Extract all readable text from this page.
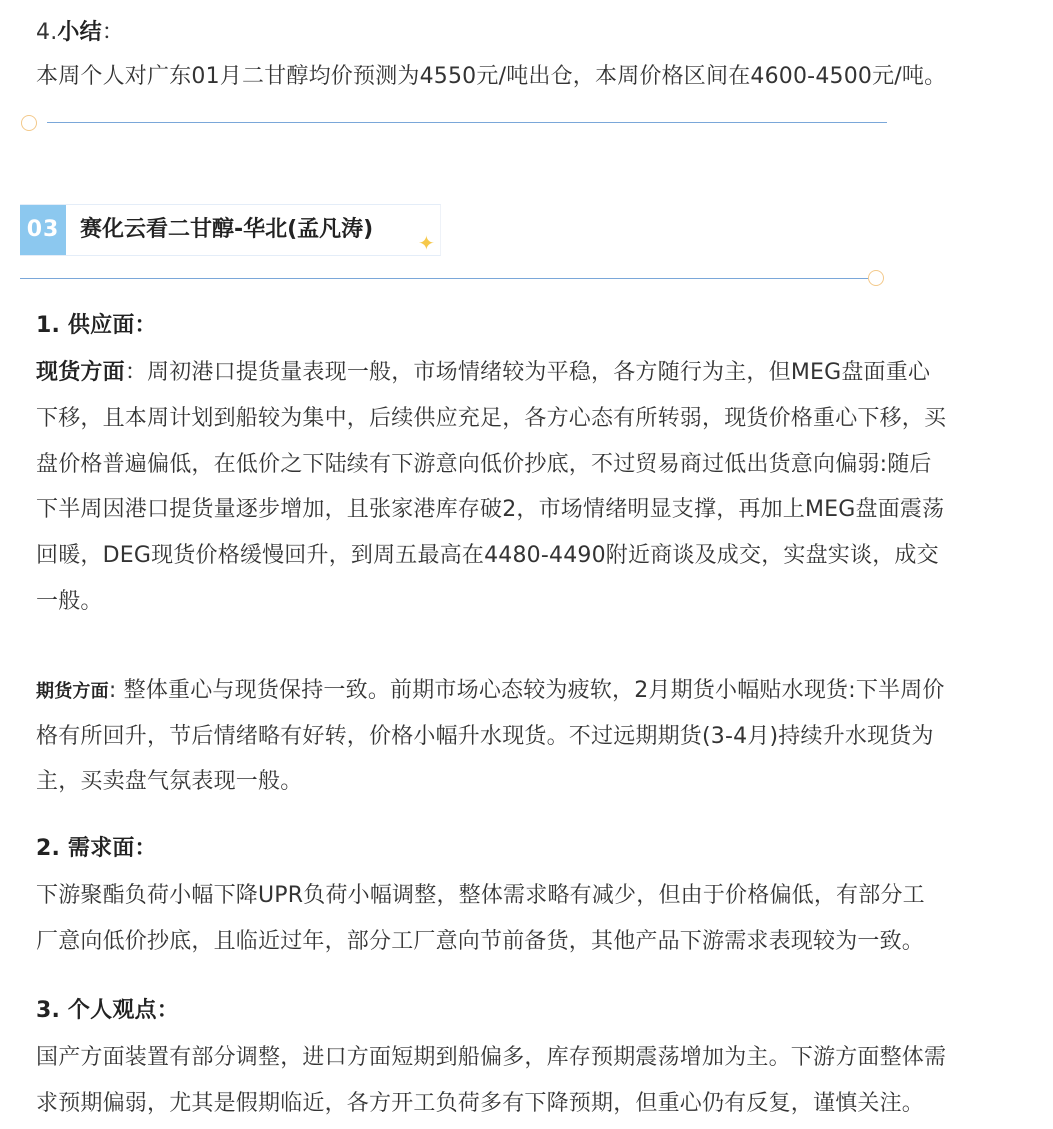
4.小结：
本周个人对广东01月二甘醇均价预测为4550元/吨出仓，本周价格区间在4600-4500元/吨。
03 赛化云看二甘醇-华北(孟凡涛)
✦
1. 供应面：
现货方面：周初港口提货量表现一般，市场情绪较为平稳，各方随行为主，但MEG盘面重心
下移，且本周计划到船较为集中，后续供应充足，各方心态有所转弱，现货价格重心下移，买
盘价格普遍偏低，在低价之下陆续有下游意向低价抄底，不过贸易商过低出货意向偏弱:随后
下半周因港口提货量逐步增加，且张家港库存破2，市场情绪明显支撑，再加上MEG盘面震荡
回暖，DEG现货价格缓慢回升，到周五最高在4480-4490附近商谈及成交，实盘实谈，成交
一般。
期货方面: 整体重心与现货保持一致。前期市场心态较为疲软，2月期货小幅贴水现货:下半周价
格有所回升，节后情绪略有好转，价格小幅升水现货。不过远期期货(3-4月)持续升水现货为
主，买卖盘气氛表现一般。
2. 需求面：
下游聚酯负荷小幅下降UPR负荷小幅调整，整体需求略有减少，但由于价格偏低，有部分工
厂意向低价抄底，且临近过年，部分工厂意向节前备货，其他产品下游需求表现较为一致。
3. 个人观点：
国产方面装置有部分调整，进口方面短期到船偏多，库存预期震荡增加为主。下游方面整体需
求预期偏弱，尤其是假期临近，各方开工负荷多有下降预期，但重心仍有反复，谨慎关注。
